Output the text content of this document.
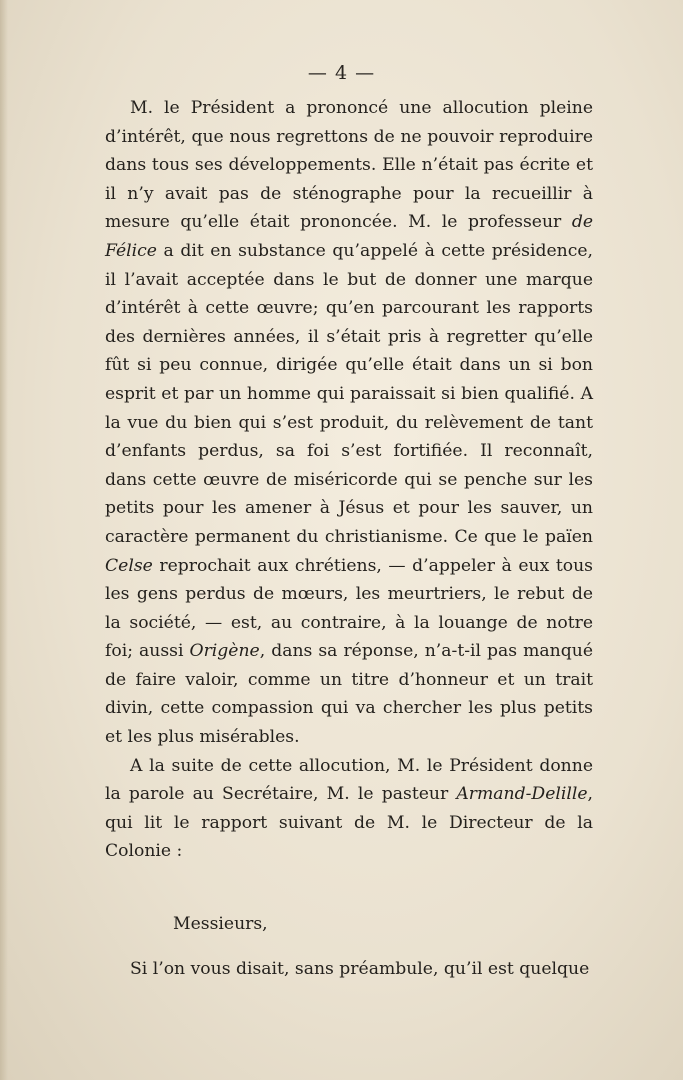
— 4 —

M. le Président a prononcé une allocution pleine d’intérêt, que nous regrettons de ne pouvoir reproduire dans tous ses développements. Elle n’était pas écrite et il n’y avait pas de sténographe pour la recueillir à mesure qu’elle était prononcée. M. le professeur de Félice a dit en substance qu’appelé à cette présidence, il l’avait acceptée dans le but de donner une marque d’intérêt à cette œuvre; qu’en parcourant les rapports des dernières années, il s’était pris à regretter qu’elle fût si peu connue, dirigée qu’elle était dans un si bon esprit et par un homme qui paraissait si bien qualifié. A la vue du bien qui s’est produit, du relèvement de tant d’enfants perdus, sa foi s’est fortifiée. Il reconnaît, dans cette œuvre de miséricorde qui se penche sur les petits pour les amener à Jésus et pour les sauver, un caractère permanent du christianisme. Ce que le païen Celse reprochait aux chrétiens, — d’appeler à eux tous les gens perdus de mœurs, les meurtriers, le rebut de la société, — est, au contraire, à la louange de notre foi; aussi Origène, dans sa réponse, n’a-t-il pas manqué de faire valoir, comme un titre d’honneur et un trait divin, cette compassion qui va chercher les plus petits et les plus misérables.

A la suite de cette allocution, M. le Président donne la parole au Secrétaire, M. le pasteur Armand-Delille, qui lit le rapport suivant de M. le Directeur de la Colonie :

Messieurs,

Si l’on vous disait, sans préambule, qu’il est quelque
